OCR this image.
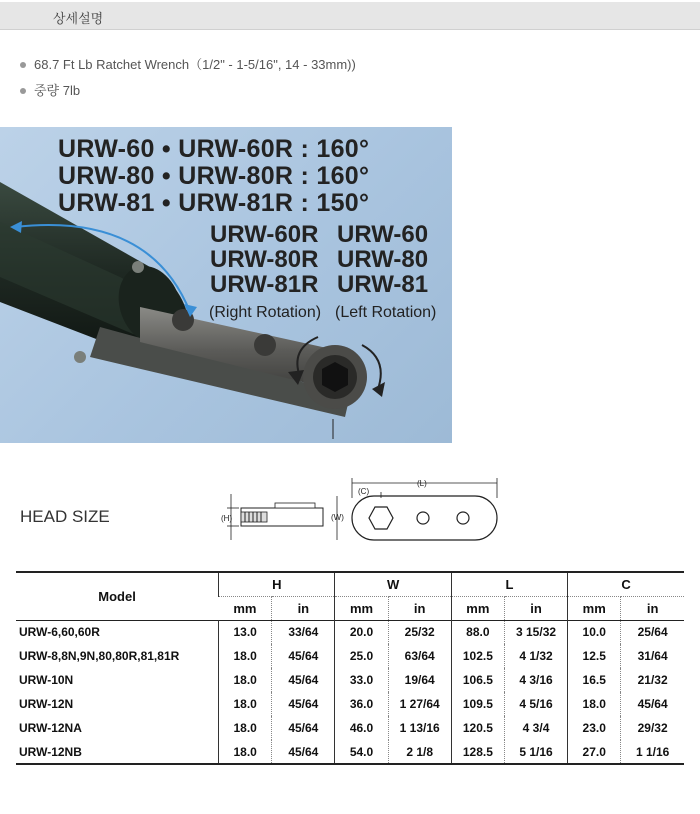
상세설명
68.7 Ft Lb Ratchet Wrench（1/2" - 1-5/16", 14 - 33mm))
중량 7lb
URW-60 • URW-60R : 160°
URW-80 • URW-80R : 160°
URW-81 • URW-81R : 150°
URW-60R
URW-80R
URW-81R
URW-60
URW-80
URW-81
(Right Rotation) (Left Rotation)
HEAD SIZE	(H)	(W)
(L)
(C)
Model	H		W		L		C	
	mm	in	mm	in	mm	in	mm	in
URW-6,60,60R	13.0	33/64	20.0	25/32	88.0	3 15/32	10.0	25/64
URW-8,8N,9N,80,80R,81,81R	18.0	45/64	25.0	63/64	102.5	4 1/32	12.5	31/64
URW-10N	18.0	45/64	33.0	19/64	106.5	4 3/16	16.5	21/32
URW-12N	18.0	45/64	36.0	1 27/64	109.5	4 5/16	18.0	45/64
URW-12NA	18.0	45/64	46.0	1 13/16	120.5	4 3/4	23.0	29/32
URW-12NB	18.0	45/64	54.0	2 1/8	128.5	5 1/16	27.0	1 1/16
